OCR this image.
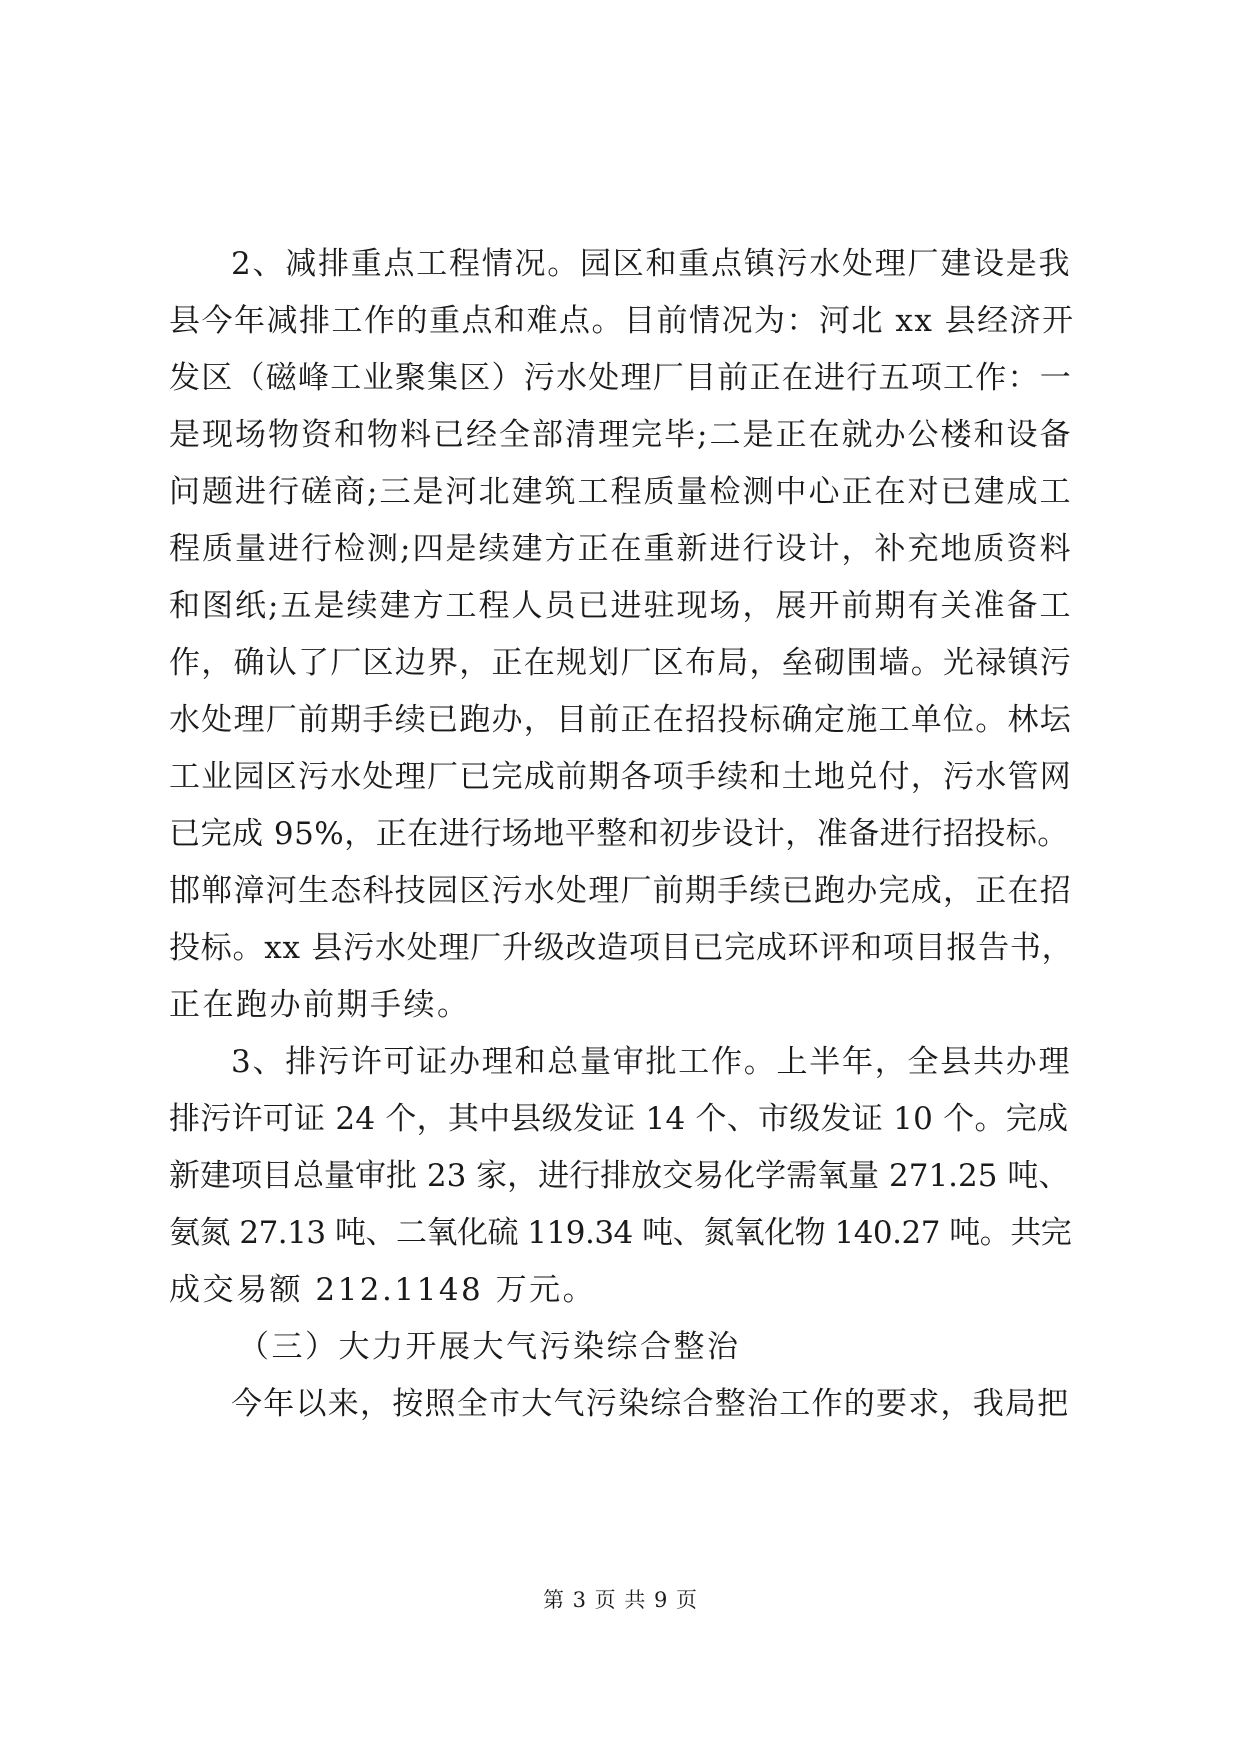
2、减排重点工程情况。园区和重点镇污水处理厂建设是我
县今年减排工作的重点和难点。目前情况为：河北 xx 县经济开
发区（磁峰工业聚集区）污水处理厂目前正在进行五项工作：一
是现场物资和物料已经全部清理完毕;二是正在就办公楼和设备
问题进行磋商;三是河北建筑工程质量检测中心正在对已建成工
程质量进行检测;四是续建方正在重新进行设计，补充地质资料
和图纸;五是续建方工程人员已进驻现场，展开前期有关准备工
作，确认了厂区边界，正在规划厂区布局，垒砌围墙。光禄镇污
水处理厂前期手续已跑办，目前正在招投标确定施工单位。林坛
工业园区污水处理厂已完成前期各项手续和土地兑付，污水管网
已完成 95%，正在进行场地平整和初步设计，准备进行招投标。
邯郸漳河生态科技园区污水处理厂前期手续已跑办完成，正在招
投标。xx 县污水处理厂升级改造项目已完成环评和项目报告书，
正在跑办前期手续。
3、排污许可证办理和总量审批工作。上半年，全县共办理
排污许可证 24 个，其中县级发证 14 个、市级发证 10 个。完成
新建项目总量审批 23 家，进行排放交易化学需氧量 271.25 吨、
氨氮 27.13 吨、二氧化硫 119.34 吨、氮氧化物 140.27 吨。共完
成交易额 212.1148 万元。
（三）大力开展大气污染综合整治
今年以来，按照全市大气污染综合整治工作的要求，我局把
第 3 页 共 9 页
